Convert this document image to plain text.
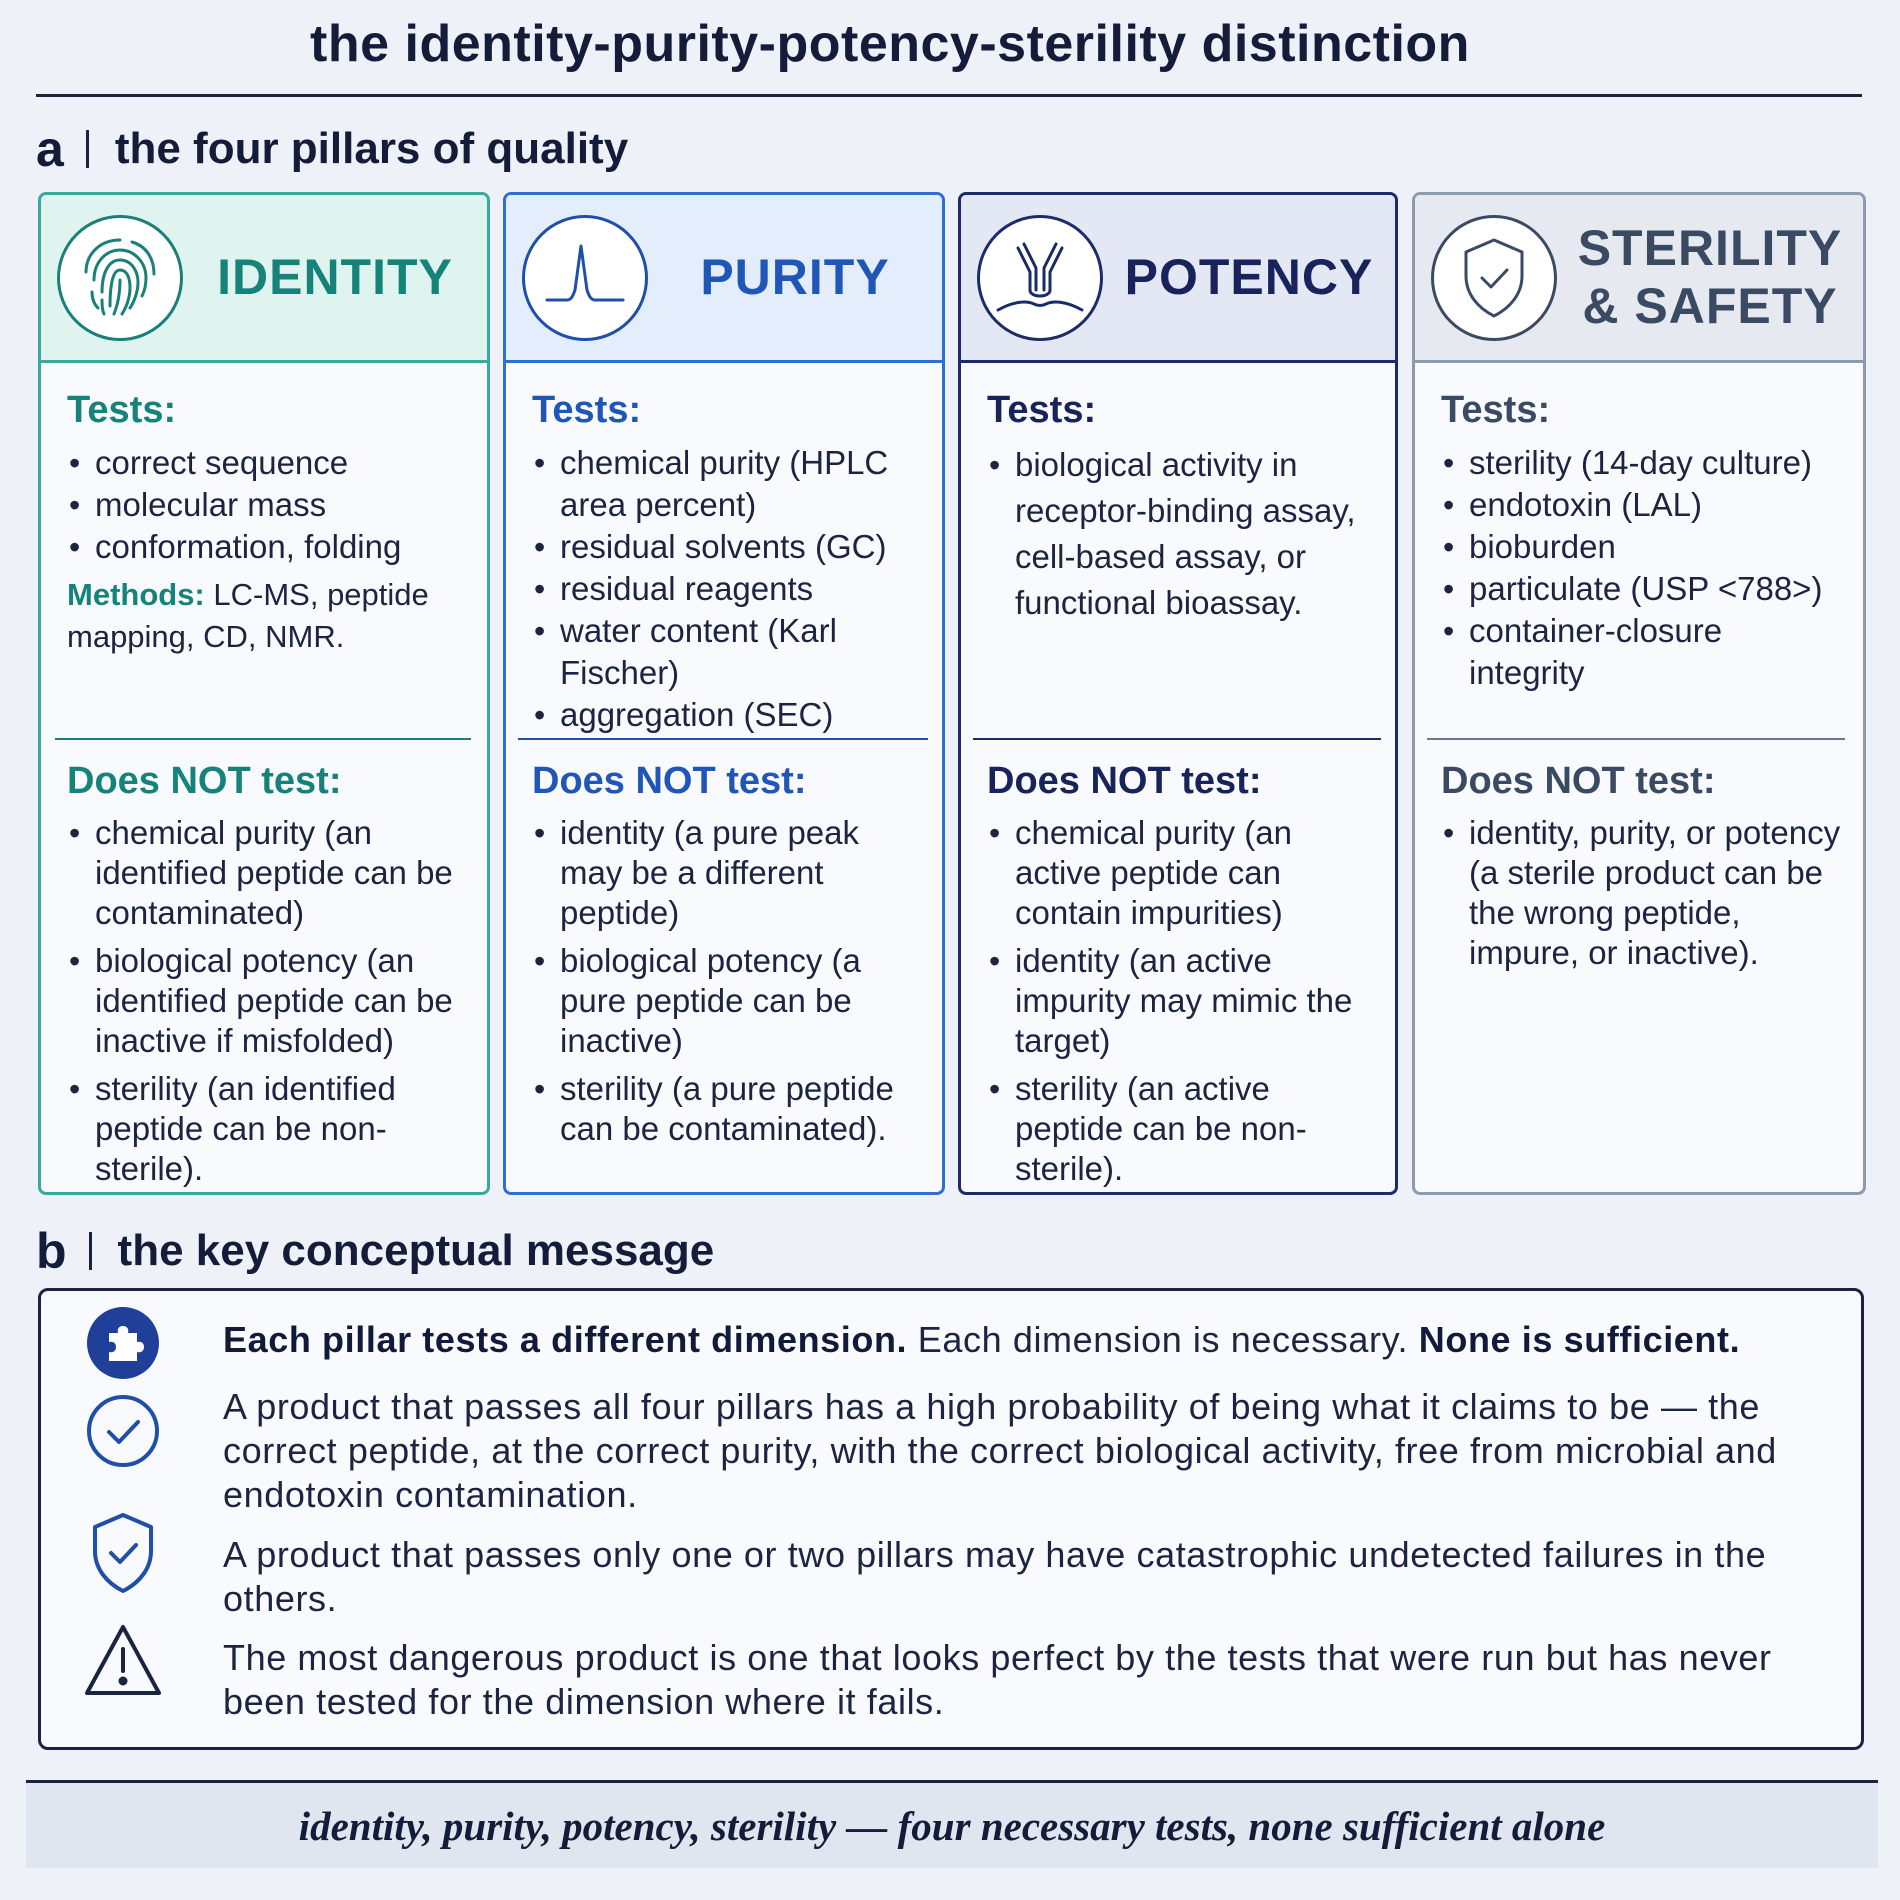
the identity-purity-potency-sterility distinction
a the four pillars of quality
IDENTITY
Tests:
• correct sequence
• molecular mass
• conformation, folding
Methods: LC-MS, peptide mapping, CD, NMR.
Does NOT test:
• chemical purity (an identified peptide can be contaminated)
• biological potency (an identified peptide can be inactive if misfolded)
• sterility (an identified peptide can be non-sterile).
PURITY
Tests:
• chemical purity (HPLC area percent)
• residual solvents (GC)
• residual reagents
• water content (Karl Fischer)
• aggregation (SEC)
Does NOT test:
• identity (a pure peak may be a different peptide)
• biological potency (a pure peptide can be inactive)
• sterility (a pure peptide can be contaminated).
POTENCY
Tests:
• biological activity in receptor-binding assay, cell-based assay, or functional bioassay.
Does NOT test:
• chemical purity (an active peptide can contain impurities)
• identity (an active impurity may mimic the target)
• sterility (an active peptide can be non-sterile).
STERILITY
& SAFETY
Tests:
• sterility (14-day culture)
• endotoxin (LAL)
• bioburden
• particulate (USP <788>)
• container-closure integrity
Does NOT test:
• identity, purity, or potency (a sterile product can be the wrong peptide, impure, or inactive).
b the key conceptual message
Each pillar tests a different dimension. Each dimension is necessary. None is sufficient.
A product that passes all four pillars has a high probability of being what it claims to be — the correct peptide, at the correct purity, with the correct biological activity, free from microbial and endotoxin contamination.
A product that passes only one or two pillars may have catastrophic undetected failures in the others.
The most dangerous product is one that looks perfect by the tests that were run but has never been tested for the dimension where it fails.
identity, purity, potency, sterility — four necessary tests, none sufficient alone
